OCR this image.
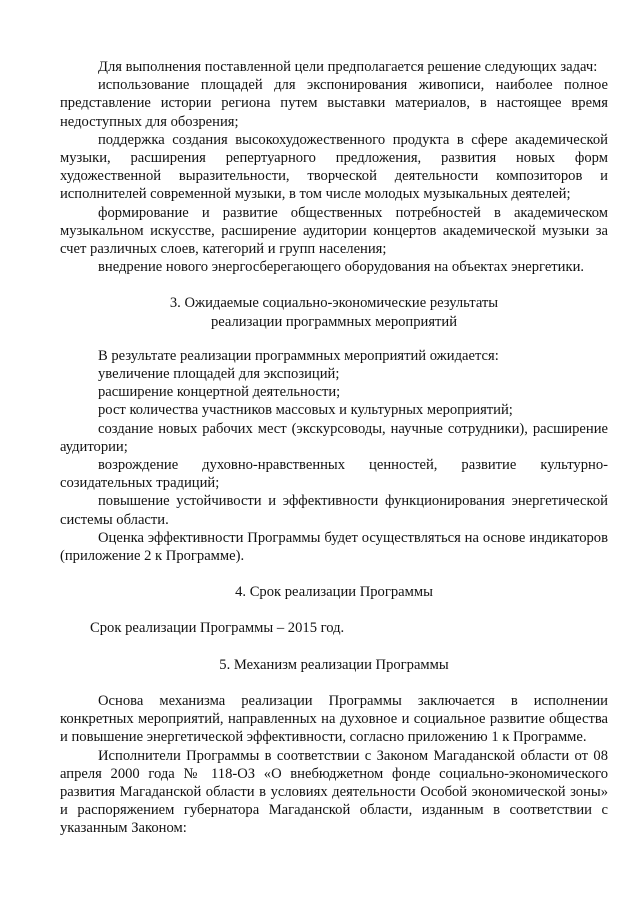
Для выполнения поставленной цели предполагается решение следующих задач:

использование площадей для экспонирования живописи, наиболее полное представление истории региона путем выставки материалов, в настоящее время недоступных для обозрения;

поддержка создания высокохудожественного продукта в сфере академической музыки, расширения репертуарного предложения, развития новых форм художественной выразительности, творческой деятельности композиторов и исполнителей современной музыки, в том числе молодых музыкальных деятелей;

формирование и развитие общественных потребностей в академическом музыкальном искусстве, расширение аудитории концертов академической музыки за счет различных слоев, категорий и групп населения;

внедрение нового энергосберегающего оборудования на объектах энергетики.

3. Ожидаемые социально-экономические результаты
реализации программных мероприятий

В результате реализации программных мероприятий ожидается:

увеличение площадей для экспозиций;

расширение концертной деятельности;

рост количества участников массовых и культурных мероприятий;

создание новых рабочих мест (экскурсоводы, научные сотрудники), расширение аудитории;

возрождение духовно-нравственных ценностей, развитие культурно-созидательных традиций;

повышение устойчивости и эффективности функционирования энергетической системы области.

Оценка эффективности Программы будет осуществляться на основе индикаторов (приложение 2 к Программе).

4. Срок реализации Программы

Срок реализации Программы – 2015 год.

5. Механизм реализации Программы

Основа механизма реализации Программы заключается в исполнении конкретных мероприятий, направленных на духовное и социальное развитие общества и повышение энергетической эффективности, согласно приложению 1 к Программе.

Исполнители Программы в соответствии с Законом Магаданской области от 08 апреля 2000 года № 118-ОЗ «О внебюджетном фонде социально-экономического развития Магаданской области в условиях деятельности Особой экономической зоны» и распоряжением губернатора Магаданской области, изданным в соответствии с указанным Законом:
